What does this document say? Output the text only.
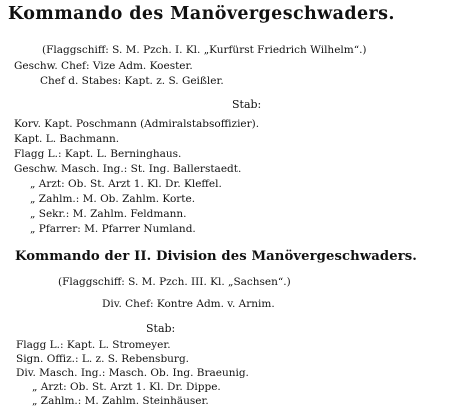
Kommando des Manövergeschwaders.
(Flaggschiff: S. M. Pzch. I. Kl. „Kurfürst Friedrich Wilhelm“.)
Geschw. Chef: Vize Adm. Koester.
Chef d. Stabes: Kapt. z. S. Geißler.
Stab:
Korv. Kapt. Poschmann (Admiralstabsoffizier).
Kapt. L. Bachmann.
Flagg L.: Kapt. L. Berninghaus.
Geschw. Masch. Ing.: St. Ing. Ballerstaedt.
„ Arzt: Ob. St. Arzt 1. Kl. Dr. Kleffel.
„ Zahlm.: M. Ob. Zahlm. Korte.
„ Sekr.: M. Zahlm. Feldmann.
„ Pfarrer: M. Pfarrer Numland.
Kommando der II. Division des Manövergeschwaders.
(Flaggschiff: S. M. Pzch. III. Kl. „Sachsen“.)
Div. Chef: Kontre Adm. v. Arnim.
Stab:
Flagg L.: Kapt. L. Stromeyer.
Sign. Offiz.: L. z. S. Rebensburg.
Div. Masch. Ing.: Masch. Ob. Ing. Braeunig.
„ Arzt: Ob. St. Arzt 1. Kl. Dr. Dippe.
„ Zahlm.: M. Zahlm. Steinhäuser.
